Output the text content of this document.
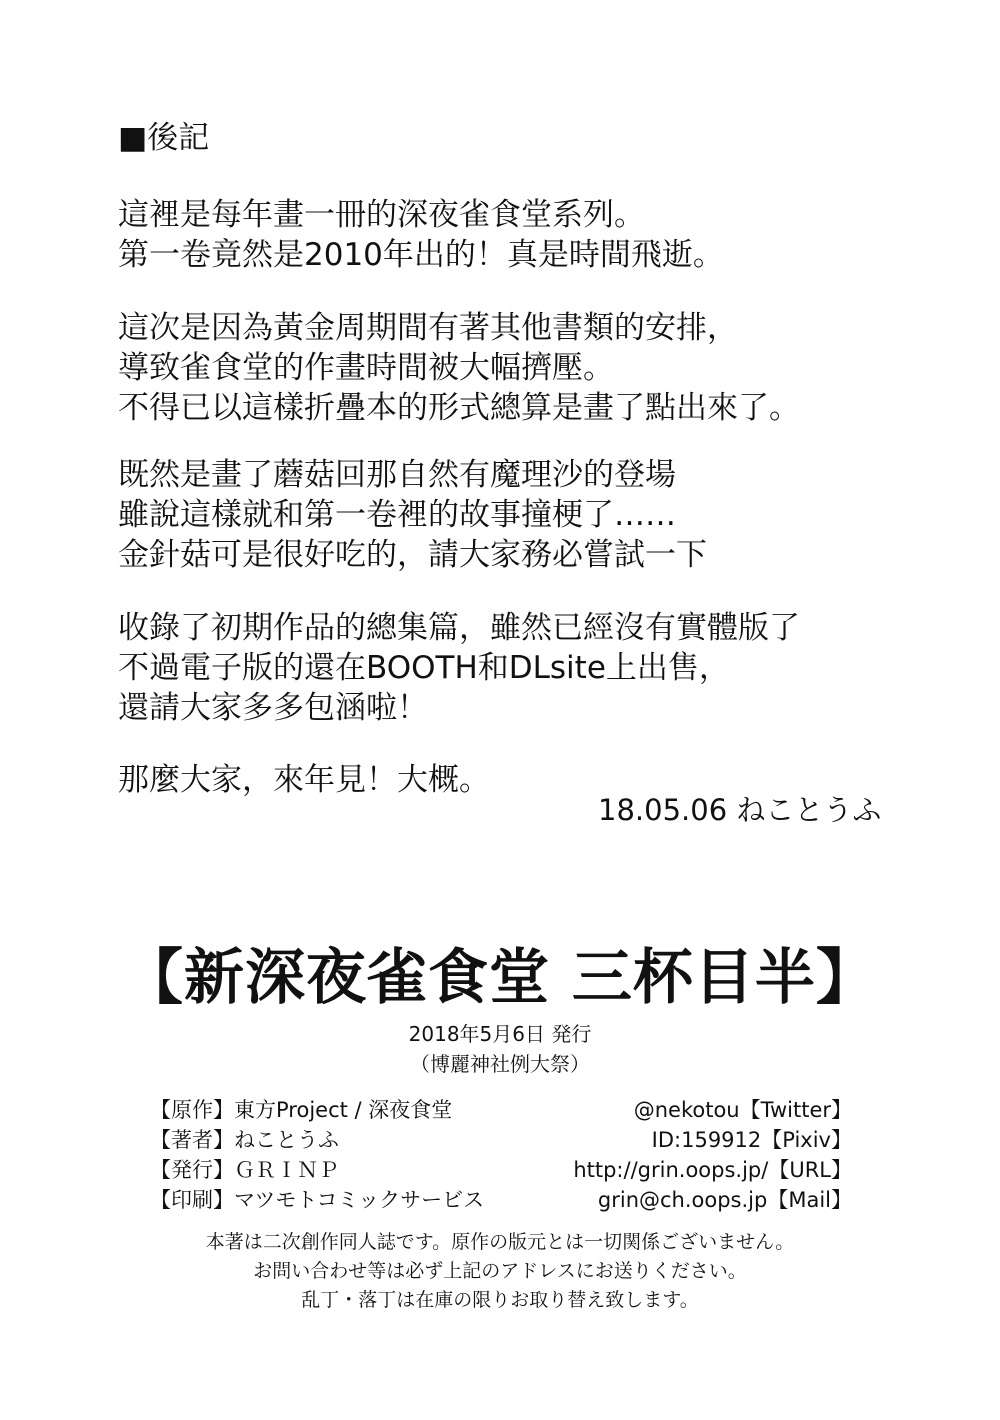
■後記
這裡是每年畫一冊的深夜雀食堂系列。
第一卷竟然是2010年出的！真是時間飛逝。
這次是因為黃金周期間有著其他書類的安排，
導致雀食堂的作畫時間被大幅擠壓。
不得已以這樣折疊本的形式總算是畫了點出來了。
既然是畫了蘑菇回那自然有魔理沙的登場
雖說這樣就和第一卷裡的故事撞梗了……
金針菇可是很好吃的，請大家務必嘗試一下
收錄了初期作品的總集篇，雖然已經沒有實體版了
不過電子版的還在BOOTH和DLsite上出售，
還請大家多多包涵啦！
那麼大家，來年見！大概。
18.05.06 ねことうふ
【新深夜雀食堂 三杯目半】
2018年5月6日 発行
（博麗神社例大祭）
【原作】東方Project / 深夜食堂	@nekotou【Twitter】
【著者】ねことうふ	ID:159912【Pixiv】
【発行】ＧＲＩＮＰ	http://grin.oops.jp/【URL】
【印刷】マツモトコミックサービス	grin@ch.oops.jp【Mail】
本著は二次創作同人誌です。原作の版元とは一切関係ございません。
お問い合わせ等は必ず上記のアドレスにお送りください。
乱丁・落丁は在庫の限りお取り替え致します。
